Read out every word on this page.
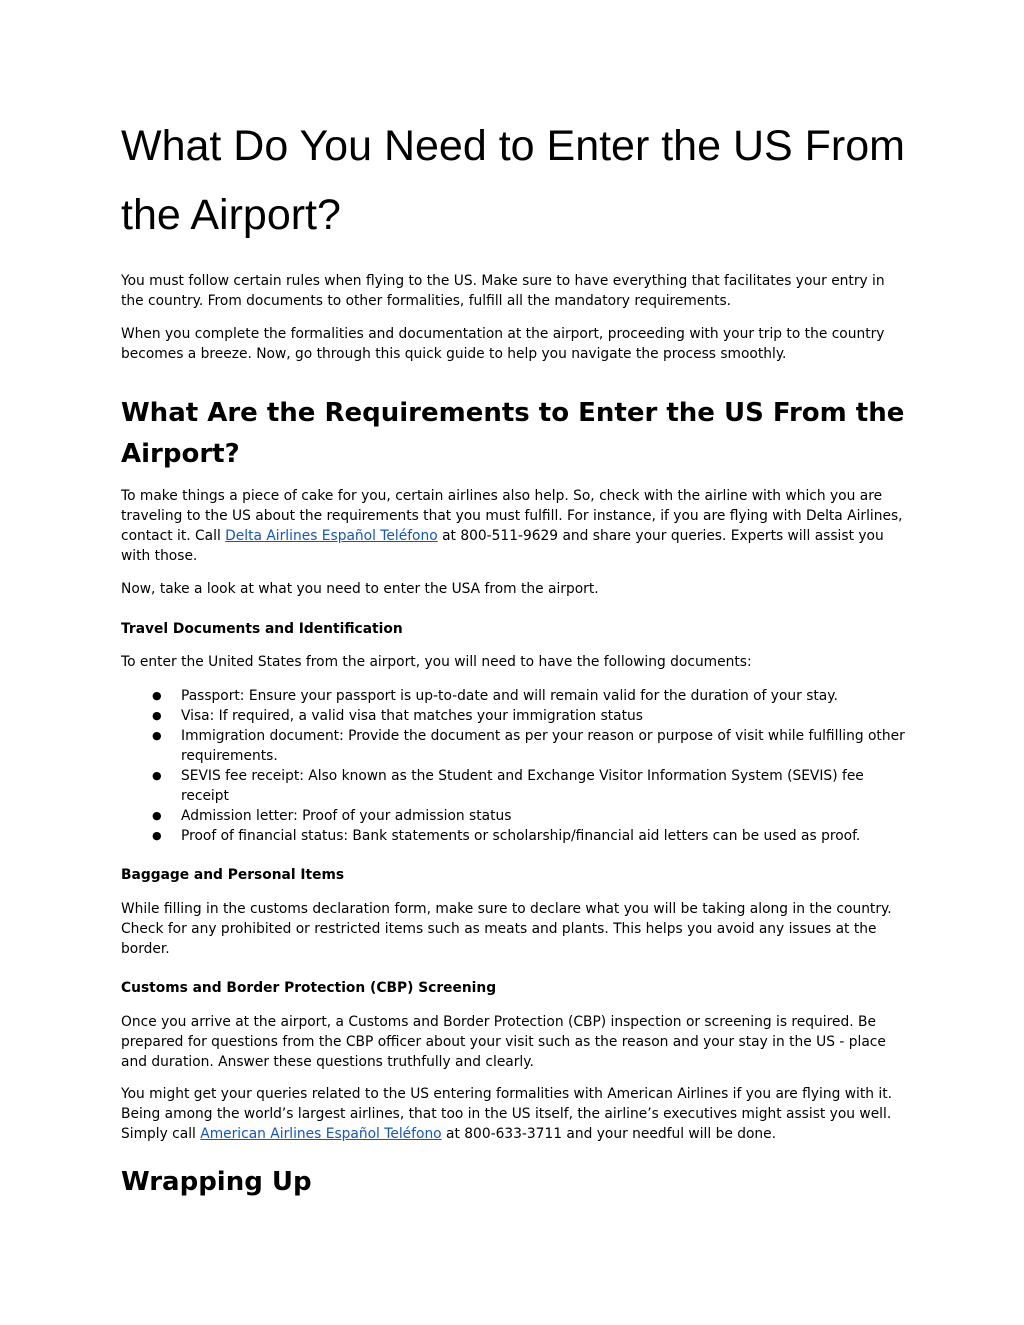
What Do You Need to Enter the US From the Airport?

You must follow certain rules when flying to the US. Make sure to have everything that facilitates your entry in the country. From documents to other formalities, fulfill all the mandatory requirements.

When you complete the formalities and documentation at the airport, proceeding with your trip to the country becomes a breeze. Now, go through this quick guide to help you navigate the process smoothly.

What Are the Requirements to Enter the US From the Airport?

To make things a piece of cake for you, certain airlines also help. So, check with the airline with which you are traveling to the US about the requirements that you must fulfill. For instance, if you are flying with Delta Airlines, contact it. Call Delta Airlines Español Teléfono at 800-511-9629 and share your queries. Experts will assist you with those.

Now, take a look at what you need to enter the USA from the airport.

Travel Documents and Identification

To enter the United States from the airport, you will need to have the following documents:

● Passport: Ensure your passport is up-to-date and will remain valid for the duration of your stay.
● Visa: If required, a valid visa that matches your immigration status
● Immigration document: Provide the document as per your reason or purpose of visit while fulfilling other requirements.
● SEVIS fee receipt: Also known as the Student and Exchange Visitor Information System (SEVIS) fee receipt
● Admission letter: Proof of your admission status
● Proof of financial status: Bank statements or scholarship/financial aid letters can be used as proof.
Baggage and Personal Items

While filling in the customs declaration form, make sure to declare what you will be taking along in the country. Check for any prohibited or restricted items such as meats and plants. This helps you avoid any issues at the border.

Customs and Border Protection (CBP) Screening

Once you arrive at the airport, a Customs and Border Protection (CBP) inspection or screening is required. Be prepared for questions from the CBP officer about your visit such as the reason and your stay in the US - place and duration. Answer these questions truthfully and clearly.

You might get your queries related to the US entering formalities with American Airlines if you are flying with it. Being among the world’s largest airlines, that too in the US itself, the airline’s executives might assist you well. Simply call American Airlines Español Teléfono at 800-633-3711 and your needful will be done.

Wrapping Up
